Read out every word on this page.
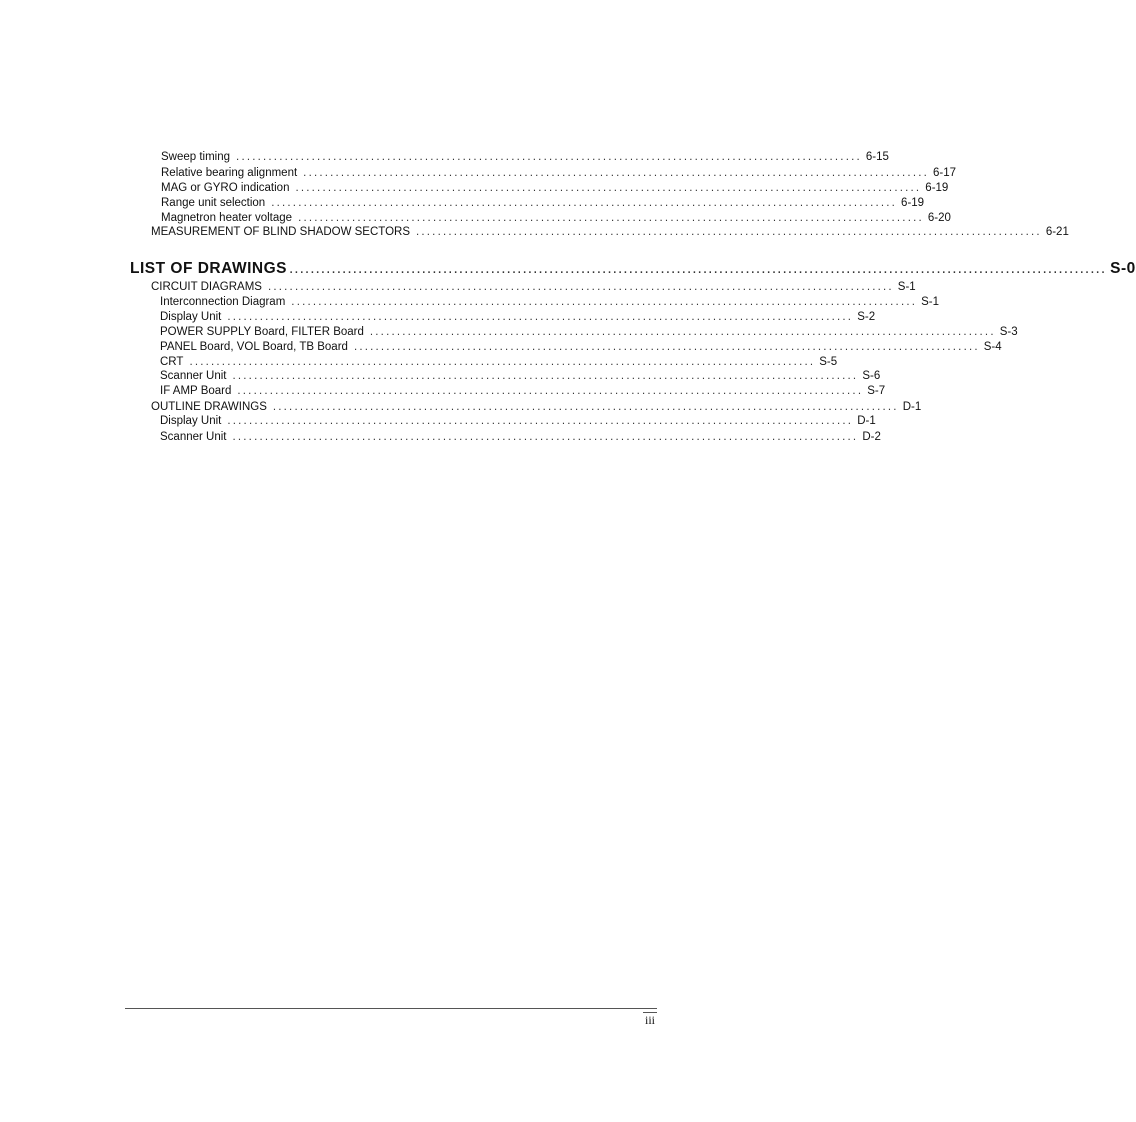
Sweep timing .................................................................................................................... 6-15
Relative bearing alignment .................................................................................................................... 6-17
MAG or GYRO indication .................................................................................................................... 6-19
Range unit selection .................................................................................................................... 6-19
Magnetron heater voltage .................................................................................................................... 6-20
MEASUREMENT OF BLIND SHADOW SECTORS .................................................................................................................... 6-21
LIST OF DRAWINGS .......................................................................................................................................................... S-0
CIRCUIT DIAGRAMS .................................................................................................................... S-1
Interconnection Diagram .................................................................................................................... S-1
Display Unit .................................................................................................................... S-2
POWER SUPPLY Board, FILTER Board .................................................................................................................... S-3
PANEL Board, VOL Board, TB Board .................................................................................................................... S-4
CRT .................................................................................................................... S-5
Scanner Unit .................................................................................................................... S-6
IF AMP Board .................................................................................................................... S-7
OUTLINE DRAWINGS .................................................................................................................... D-1
Display Unit .................................................................................................................... D-1
Scanner Unit .................................................................................................................... D-2
iii
